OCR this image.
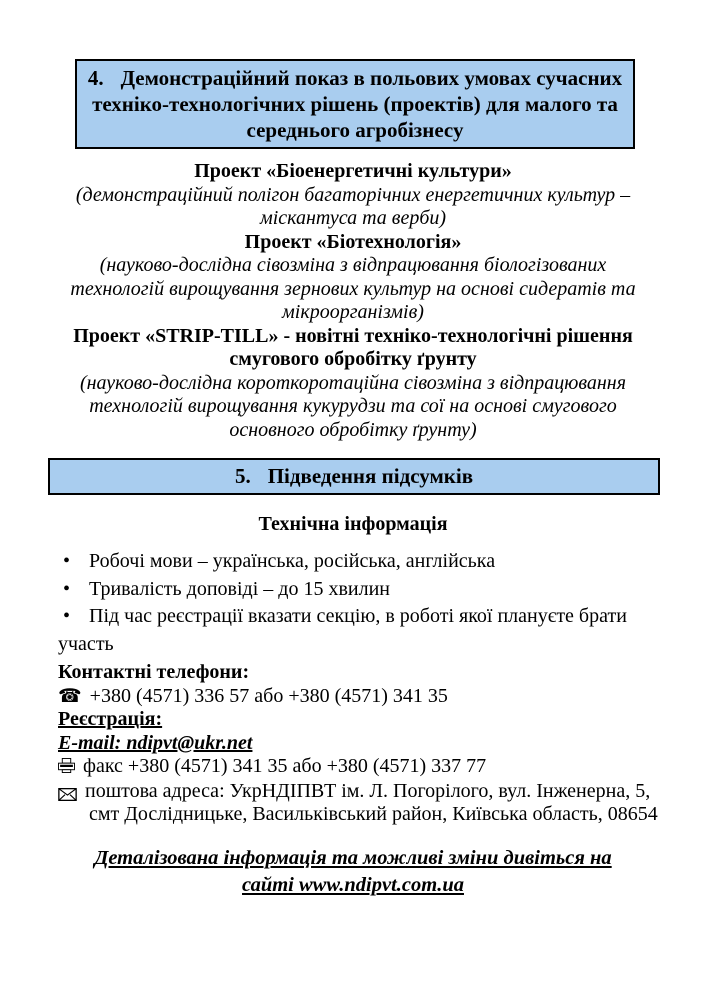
4. Демонстраційний показ в польових умовах сучасних техніко-технологічних рішень (проектів) для малого та середнього агробізнесу

Проект «Біоенергетичні культури»

(демонстраційний полігон багаторічних енергетичних культур – міскантуса та верби)

Проект «Біотехнологія»

(науково-дослідна сівозміна з відпрацювання біологізованих технологій вирощування зернових культур на основі сидератів та мікроорганізмів)

Проект «STRIP-TILL» - новітні техніко-технологічні рішення смугового обробітку ґрунту

(науково-дослідна короткоротаційна сівозміна з відпрацювання технологій вирощування кукурудзи та сої на основі смугового основного обробітку ґрунту)

5. Підведення підсумків
Технічна інформація
• Робочі мови – українська, російська, англійська
• Тривалість доповіді – до 15 хвилин
• Під час реєстрації вказати секцію, в роботі якої плануєте брати участь

Контактні телефони:

☎ +380 (4571) 336 57 або +380 (4571) 341 35

Реєстрація:

E-mail: ndipvt@ukr.net

факс +380 (4571) 341 35 або +380 (4571) 337 77

поштова адреса: УкрНДІПВТ ім. Л. Погорілого, вул. Інженерна, 5,
смт Дослідницьке, Васильківський район, Київська область, 08654
Деталізована інформація та можливі зміни дивіться на сайті www.ndipvt.com.ua
